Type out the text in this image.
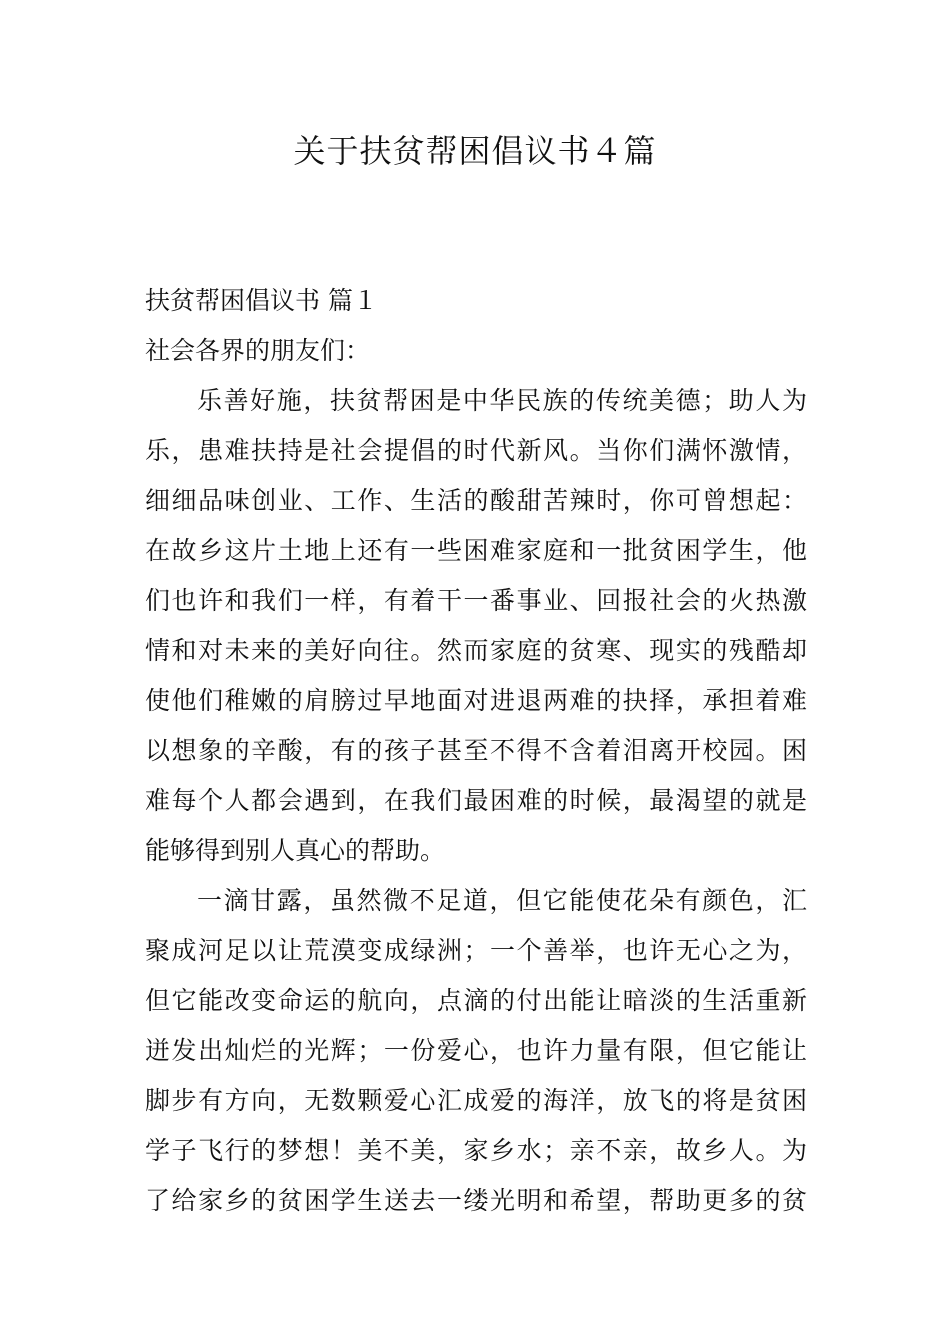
关于扶贫帮困倡议书４篇
扶贫帮困倡议书 篇１
社会各界的朋友们：
乐善好施，扶贫帮困是中华民族的传统美德；助人为
乐，患难扶持是社会提倡的时代新风。当你们满怀激情，
细细品味创业、工作、生活的酸甜苦辣时，你可曾想起：
在故乡这片土地上还有一些困难家庭和一批贫困学生，他
们也许和我们一样，有着干一番事业、回报社会的火热激
情和对未来的美好向往。然而家庭的贫寒、现实的残酷却
使他们稚嫩的肩膀过早地面对进退两难的抉择，承担着难
以想象的辛酸，有的孩子甚至不得不含着泪离开校园。困
难每个人都会遇到，在我们最困难的时候，最渴望的就是
能够得到别人真心的帮助。
一滴甘露，虽然微不足道，但它能使花朵有颜色，汇
聚成河足以让荒漠变成绿洲；一个善举，也许无心之为，
但它能改变命运的航向，点滴的付出能让暗淡的生活重新
迸发出灿烂的光辉；一份爱心，也许力量有限，但它能让
脚步有方向，无数颗爱心汇成爱的海洋，放飞的将是贫困
学子飞行的梦想！美不美，家乡水；亲不亲，故乡人。为
了给家乡的贫困学生送去一缕光明和希望，帮助更多的贫
